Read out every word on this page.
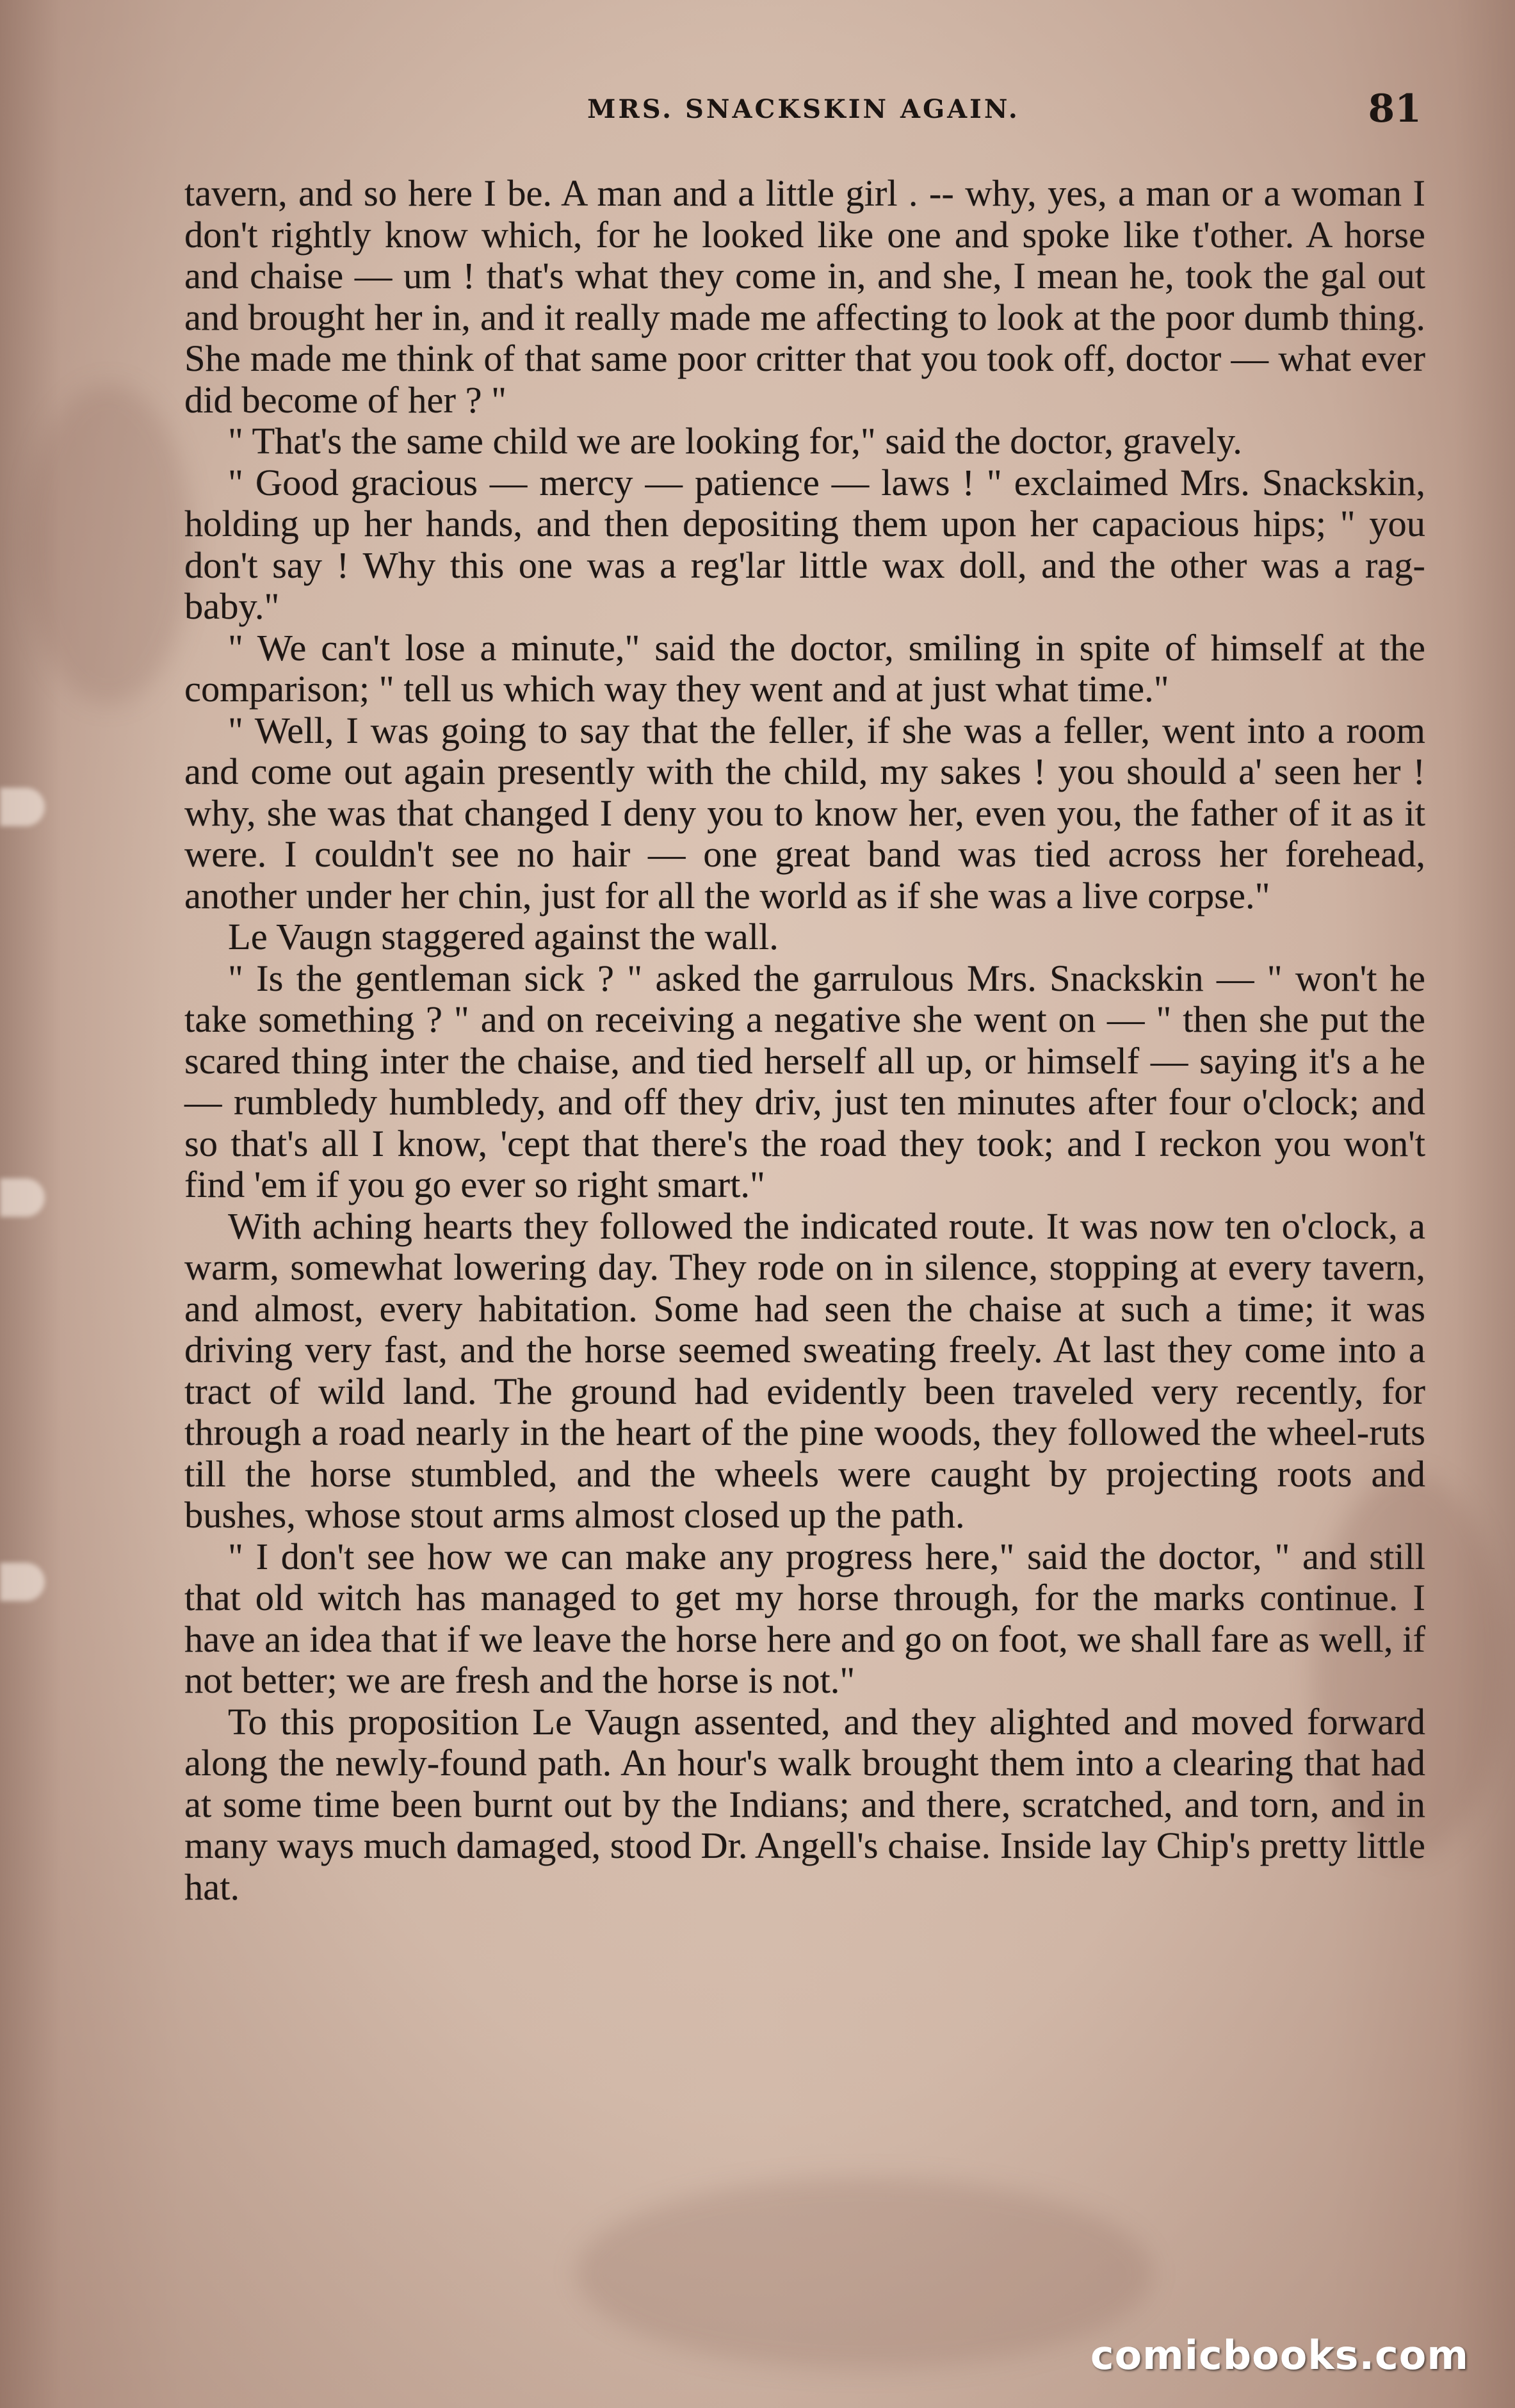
MRS. SNACKSKIN AGAIN.	81

tavern, and so here I be. A man and a little girl . -- why, yes, a man or a woman I don't rightly know which, for he looked like one and spoke like t'other. A horse and chaise — um ! that's what they come in, and she, I mean he, took the gal out and brought her in, and it really made me affecting to look at the poor dumb thing. She made me think of that same poor critter that you took off, doctor — what ever did become of her ? "

" That's the same child we are looking for," said the doctor, gravely.

" Good gracious — mercy — patience — laws ! " exclaimed Mrs. Snackskin, holding up her hands, and then depositing them upon her capacious hips; " you don't say ! Why this one was a reg'lar little wax doll, and the other was a rag-baby."

" We can't lose a minute," said the doctor, smiling in spite of himself at the comparison; " tell us which way they went and at just what time."

" Well, I was going to say that the feller, if she was a feller, went into a room and come out again presently with the child, my sakes ! you should a' seen her ! why, she was that changed I deny you to know her, even you, the father of it as it were. I couldn't see no hair — one great band was tied across her forehead, another under her chin, just for all the world as if she was a live corpse."

Le Vaugn staggered against the wall.

" Is the gentleman sick ? " asked the garrulous Mrs. Snackskin — " won't he take something ? " and on receiving a negative she went on — " then she put the scared thing inter the chaise, and tied herself all up, or himself — saying it's a he — rumbledy humbledy, and off they driv, just ten minutes after four o'clock; and so that's all I know, 'cept that there's the road they took; and I reckon you won't find 'em if you go ever so right smart."

With aching hearts they followed the indicated route. It was now ten o'clock, a warm, somewhat lowering day. They rode on in silence, stopping at every tavern, and almost, every habitation. Some had seen the chaise at such a time; it was driving very fast, and the horse seemed sweating freely. At last they come into a tract of wild land. The ground had evidently been traveled very recently, for through a road nearly in the heart of the pine woods, they followed the wheel-ruts till the horse stumbled, and the wheels were caught by projecting roots and bushes, whose stout arms almost closed up the path.

" I don't see how we can make any progress here," said the doctor, " and still that old witch has managed to get my horse through, for the marks continue. I have an idea that if we leave the horse here and go on foot, we shall fare as well, if not better; we are fresh and the horse is not."

To this proposition Le Vaugn assented, and they alighted and moved forward along the newly-found path. An hour's walk brought them into a clearing that had at some time been burnt out by the Indians; and there, scratched, and torn, and in many ways much damaged, stood Dr. Angell's chaise. Inside lay Chip's pretty little hat.

comicbooks.com
